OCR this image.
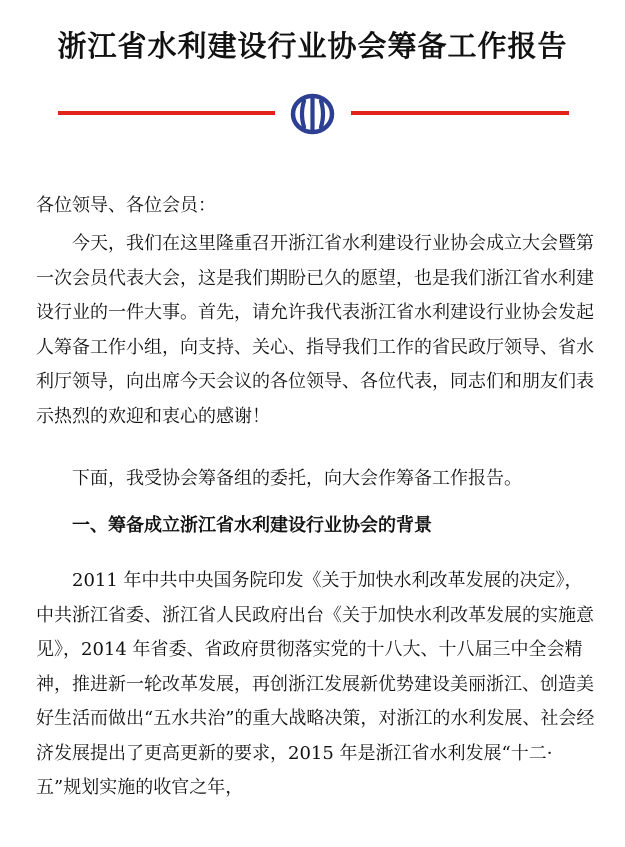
浙江省水利建设行业协会筹备工作报告

各位领导、各位会员：

今天，我们在这里隆重召开浙江省水利建设行业协会成立大会暨第一次会员代表大会，这是我们期盼已久的愿望，也是我们浙江省水利建设行业的一件大事。首先，请允许我代表浙江省水利建设行业协会发起人筹备工作小组，向支持、关心、指导我们工作的省民政厅领导、省水利厅领导，向出席今天会议的各位领导、各位代表，同志们和朋友们表示热烈的欢迎和衷心的感谢！

下面，我受协会筹备组的委托，向大会作筹备工作报告。

一、筹备成立浙江省水利建设行业协会的背景

2011 年中共中央国务院印发《关于加快水利改革发展的决定》，中共浙江省委、浙江省人民政府出台《关于加快水利改革发展的实施意见》，2014 年省委、省政府贯彻落实党的十八大、十八届三中全会精神，推进新一轮改革发展，再创浙江发展新优势建设美丽浙江、创造美好生活而做出“五水共治”的重大战略决策，对浙江的水利发展、社会经济发展提出了更高更新的要求，2015 年是浙江省水利发展“十二·五”规划实施的收官之年，
